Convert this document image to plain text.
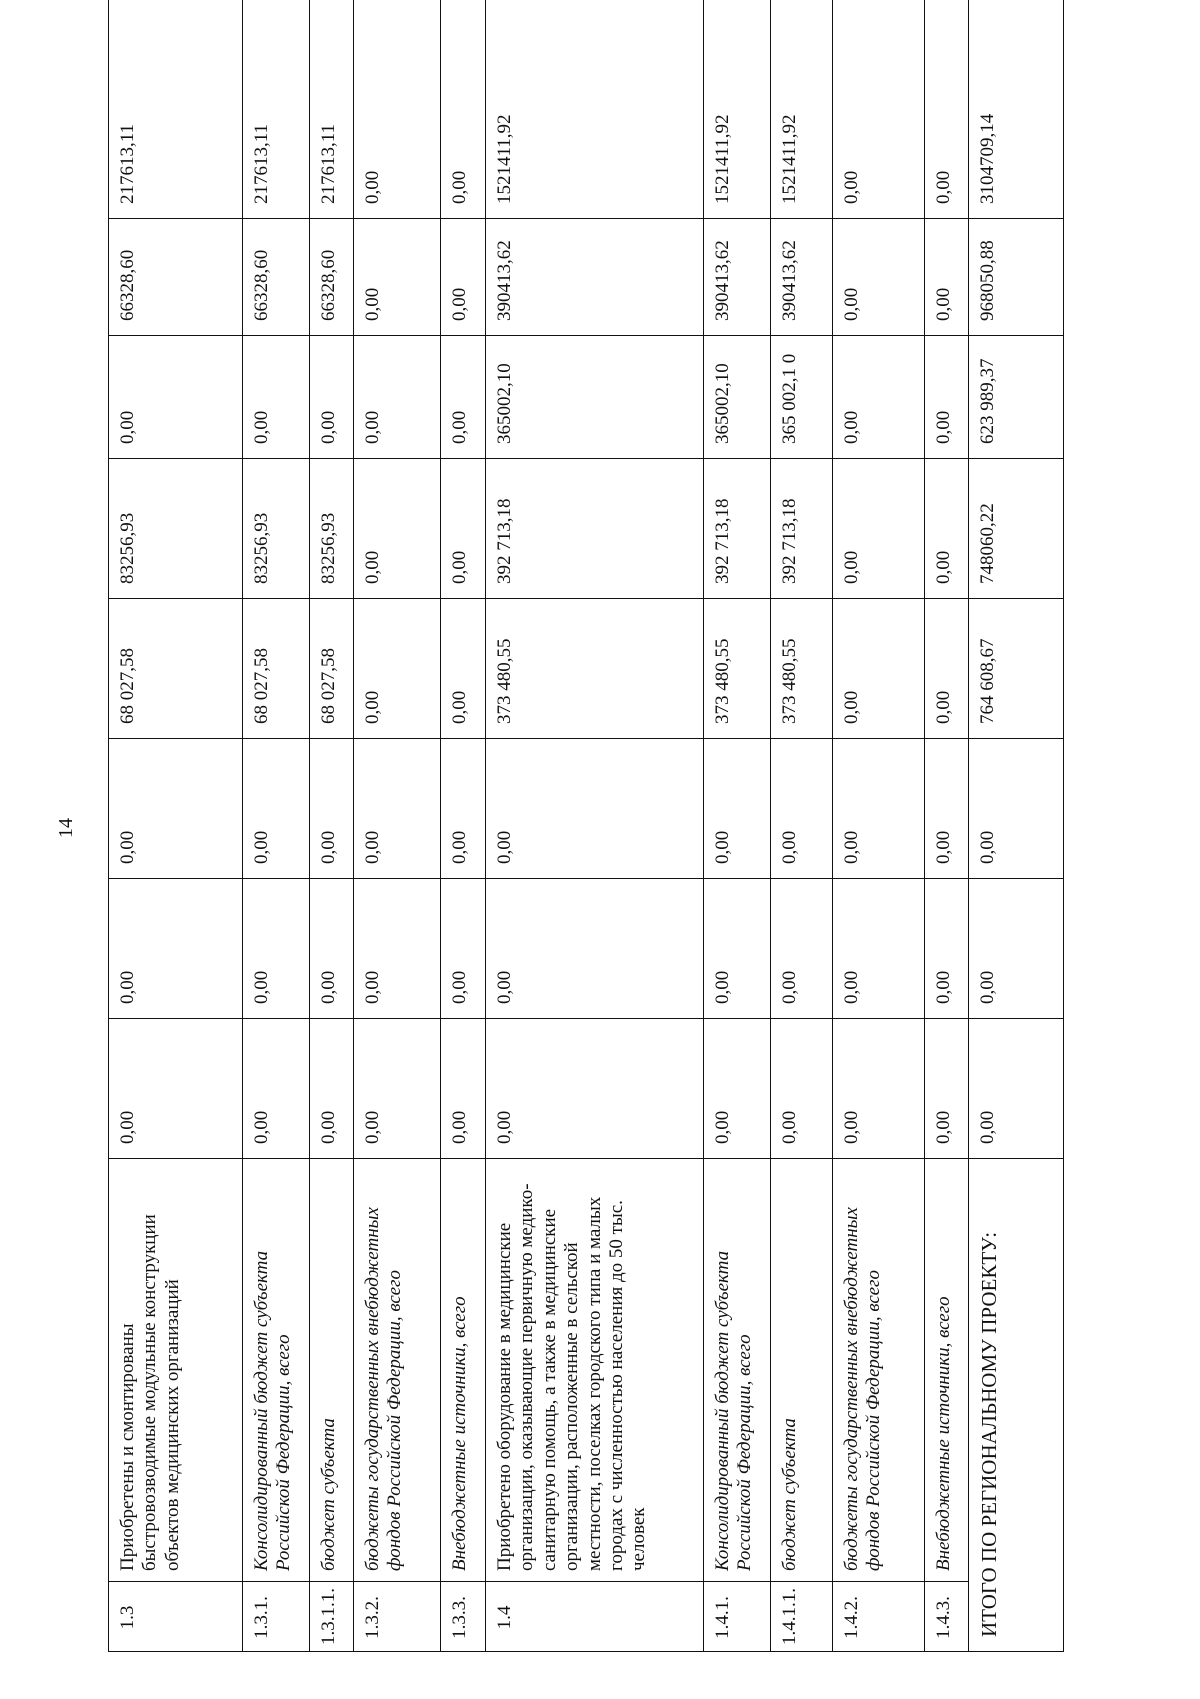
14
1.3	Приобретены и смонтированы быстровозводимые модульные конструкции объектов медицинских организаций	0,00	0,00	0,00	68 027,58	83256,93	0,00	66328,60	217613,11
1.3.1.	Консолидированный бюджет субъекта Российской Федерации, всего	0,00	0,00	0,00	68 027,58	83256,93	0,00	66328,60	217613,11
1.3.1.1.	бюджет субъекта	0,00	0,00	0,00	68 027,58	83256,93	0,00	66328,60	217613,11
1.3.2.	бюджеты государственных внебюджетных фондов Российской Федерации, всего	0,00	0,00	0,00	0,00	0,00	0,00	0,00	0,00
1.3.3.	Внебюджетные источники, всего	0,00	0,00	0,00	0,00	0,00	0,00	0,00	0,00
1.4	Приобретено оборудование в медицинские организации, оказывающие первичную медико-санитарную помощь, а также в медицинские организации, расположенные в сельской местности, поселках городского типа и малых городах с численностью населения до 50 тыс. человек	0,00	0,00	0,00	373 480,55	392 713,18	365002,10	390413,62	1521411,92
1.4.1.	Консолидированный бюджет субъекта Российской Федерации, всего	0,00	0,00	0,00	373 480,55	392 713,18	365002,10	390413,62	1521411,92
1.4.1.1.	бюджет субъекта	0,00	0,00	0,00	373 480,55	392 713,18	365 002,1 0	390413,62	1521411,92
1.4.2.	бюджеты государственных внебюджетных фондов Российской Федерации, всего	0,00	0,00	0,00	0,00	0,00	0,00	0,00	0,00
1.4.3.	Внебюджетные источники, всего	0,00	0,00	0,00	0,00	0,00	0,00	0,00	0,00
ИТОГО ПО РЕГИОНАЛЬНОМУ ПРОЕКТУ:		0,00	0,00	0,00	764 608,67	748060,22	623 989,37	968050,88	3104709,14
